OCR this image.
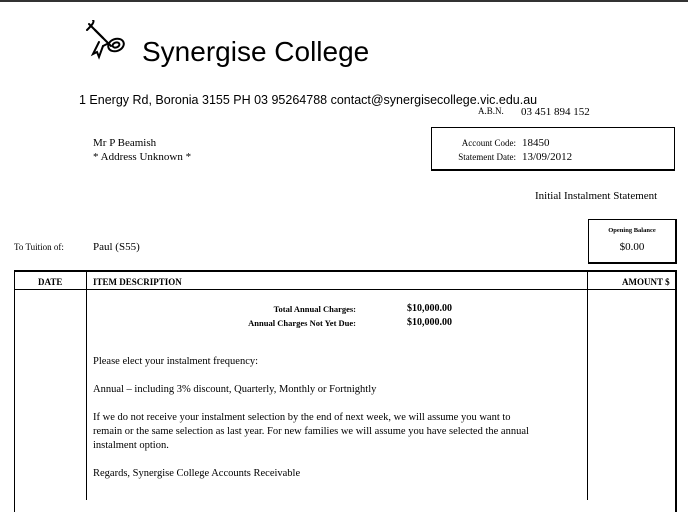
Synergise College
1 Energy Rd, Boronia 3155 PH 03 95264788 contact@synergisecollege.vic.edu.au
A.B.N. 03 451 894 152
Mr P Beamish
* Address Unknown *
Account Code: 18450
Statement Date: 13/09/2012
Initial Instalment Statement
Opening Balance
$0.00
To Tuition of:	Paul (S55)
DATE	ITEM DESCRIPTION	AMOUNT $
Total Annual Charges:	$10,000.00
Annual Charges Not Yet Due:	$10,000.00
Please elect your instalment frequency:
Annual – including 3% discount, Quarterly, Monthly or Fortnightly
If we do not receive your instalment selection by the end of next week, we will assume you want to remain or the same selection as last year. For new families we will assume you have selected the annual instalment option.
Regards, Synergise College Accounts Receivable
